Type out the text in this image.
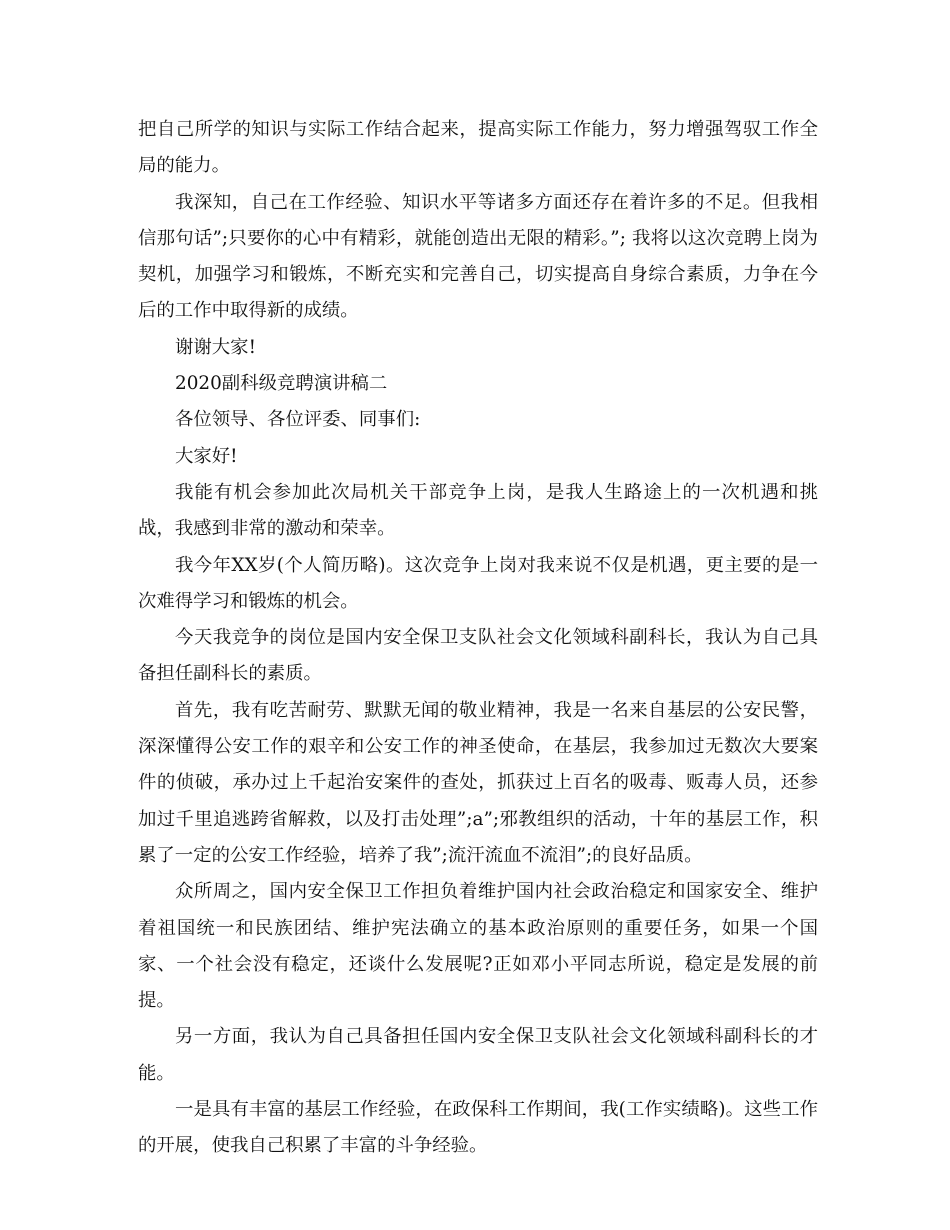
把自己所学的知识与实际工作结合起来，提高实际工作能力，努力增强驾驭工作全局的能力。

我深知，自己在工作经验、知识水平等诸多方面还存在着许多的不足。但我相信那句话”;只要你的心中有精彩，就能创造出无限的精彩。”; 我将以这次竞聘上岗为契机，加强学习和锻炼，不断充实和完善自己，切实提高自身综合素质，力争在今后的工作中取得新的成绩。

谢谢大家!

2020副科级竞聘演讲稿二

各位领导、各位评委、同事们:

大家好!

我能有机会参加此次局机关干部竞争上岗，是我人生路途上的一次机遇和挑战，我感到非常的激动和荣幸。

我今年XX岁(个人简历略)。这次竞争上岗对我来说不仅是机遇，更主要的是一次难得学习和锻炼的机会。

今天我竞争的岗位是国内安全保卫支队社会文化领域科副科长，我认为自己具备担任副科长的素质。

首先，我有吃苦耐劳、默默无闻的敬业精神，我是一名来自基层的公安民警，深深懂得公安工作的艰辛和公安工作的神圣使命，在基层，我参加过无数次大要案件的侦破，承办过上千起治安案件的查处，抓获过上百名的吸毒、贩毒人员，还参加过千里追逃跨省解救，以及打击处理”;a”;邪教组织的活动，十年的基层工作，积累了一定的公安工作经验，培养了我”;流汗流血不流泪”;的良好品质。

众所周之，国内安全保卫工作担负着维护国内社会政治稳定和国家安全、维护着祖国统一和民族团结、维护宪法确立的基本政治原则的重要任务，如果一个国家、一个社会没有稳定，还谈什么发展呢?正如邓小平同志所说，稳定是发展的前提。

另一方面，我认为自己具备担任国内安全保卫支队社会文化领域科副科长的才能。

一是具有丰富的基层工作经验，在政保科工作期间，我(工作实绩略)。这些工作的开展，使我自己积累了丰富的斗争经验。
